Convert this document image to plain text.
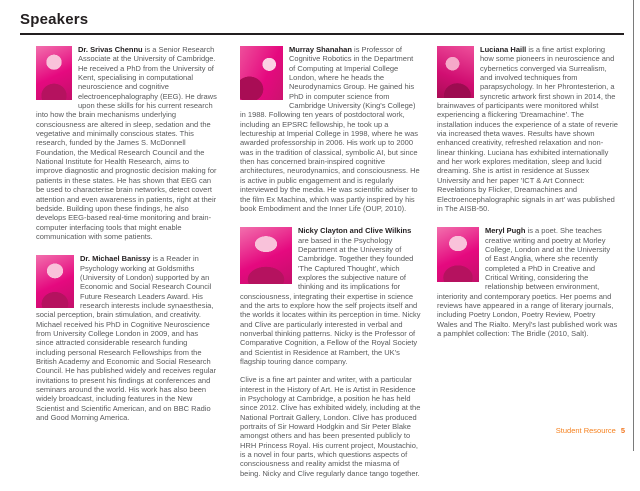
Speakers

Dr. Srivas Chennu is a Senior Research Associate at the University of Cambridge. He received a PhD from the University of Kent, specialising in computational neuroscience and cognitive electroencephalography (EEG). He draws upon these skills for his current research into how the brain mechanisms underlying consciousness are altered in sleep, sedation and the vegetative and minimally conscious states. This research, funded by the James S. McDonnell Foundation, the Medical Research Council and the National Institute for Health Research, aims to improve diagnostic and prognostic decision making for patients in these states. He has shown that EEG can be used to characterise brain networks, detect covert attention and even awareness in patients, right at their bedside. Building upon these findings, he also develops EEG-based real-time monitoring and brain-computer interfacing tools that might enable communication with some patients.

Dr. Michael Banissy is a Reader in Psychology working at Goldsmiths (University of London) supported by an Economic and Social Research Council Future Research Leaders Award. His research interests include synaesthesia, social perception, brain stimulation, and creativity. Michael received his PhD in Cognitive Neuroscience from University College London in 2009, and has since attracted considerable research funding including personal Research Fellowships from the British Academy and Economic and Social Research Council. He has published widely and receives regular invitations to present his findings at conferences and seminars around the world. His work has also been widely broadcast, including features in the New Scientist and Scientific American, and on BBC Radio and Good Morning America.

Murray Shanahan is Professor of Cognitive Robotics in the Department of Computing at Imperial College London, where he heads the Neurodynamics Group. He gained his PhD in computer science from Cambridge University (King's College) in 1988. Following ten years of postdoctoral work, including an EPSRC fellowship, he took up a lectureship at Imperial College in 1998, where he was awarded professorship in 2006. His work up to 2000 was in the tradition of classical, symbolic AI, but since then has concerned brain-inspired cognitive architectures, neurodynamics, and consciousness. He is active in public engagement and is regularly interviewed by the media. He was scientific adviser to the film Ex Machina, which was partly inspired by his book Embodiment and the Inner Life (OUP, 2010).

Nicky Clayton and Clive Wilkins are based in the Psychology Department at the University of Cambridge. Together they founded 'The Captured Thought', which explores the subjective nature of thinking and its implications for consciousness, integrating their expertise in science and the arts to explore how the self projects itself and the worlds it locates within its perception in time. Nicky and Clive are particularly interested in verbal and nonverbal thinking patterns. Nicky is the Professor of Comparative Cognition, a Fellow of the Royal Society and Scientist in Residence at Rambert, the UK's flagship touring dance company.

Clive is a fine art painter and writer, with a particular interest in the History of Art. He is Artist in Residence in Psychology at Cambridge, a position he has held since 2012. Clive has exhibited widely, including at the National Portrait Gallery, London. Clive has produced portraits of Sir Howard Hodgkin and Sir Peter Blake amongst others and has been presented publicly to HRH Princess Royal. His current project, Moustachio, is a novel in four parts, which questions aspects of consciousness and reality amidst the miasma of being. Nicky and Clive regularly dance tango together.

Luciana Haill is a fine artist exploring how some pioneers in neuroscience and cybernetics converged via Surrealism, and involved techniques from parapsychology. In her Phrontesterion, a syncretic artwork first shown in 2014, the brainwaves of participants were monitored whilst experiencing a flickering 'Dreamachine'. The installation induces the experience of a state of reverie via increased theta waves. Results have shown enhanced creativity, refreshed relaxation and non-linear thinking. Luciana has exhibited internationally and her work explores meditation, sleep and lucid dreaming. She is artist in residence at Sussex University and her paper 'ICT & Art Connect: Revelations by Flicker, Dreamachines and Electroencephalographic signals in art' was published in The AISB-50.

Meryl Pugh is a poet. She teaches creative writing and poetry at Morley College, London and at the University of East Anglia, where she recently completed a PhD in Creative and Critical Writing, considering the relationship between environment, interiority and contemporary poetics. Her poems and reviews have appeared in a range of literary journals, including Poetry London, Poetry Review, Poetry Wales and The Rialto. Meryl's last published work was a pamphlet collection: The Bridle (2010, Salt).

Student Resource 5
